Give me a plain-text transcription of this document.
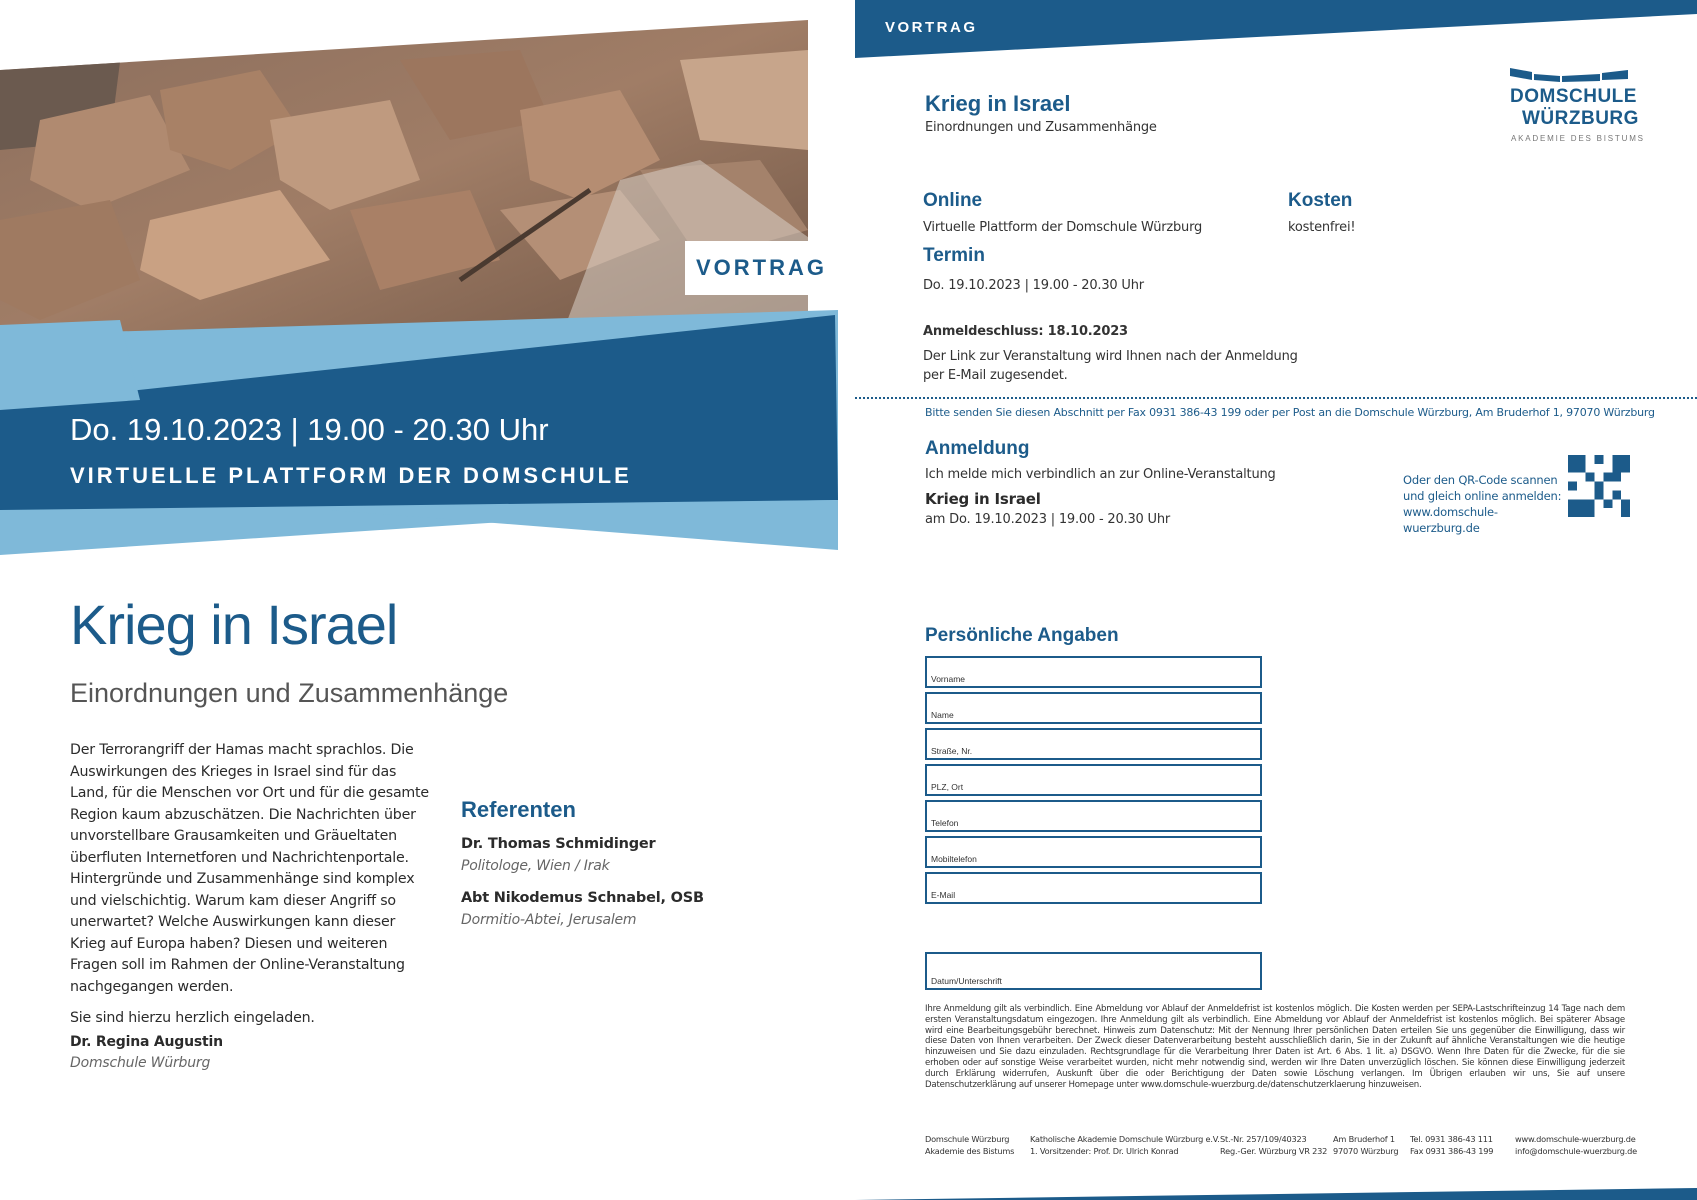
VORTRAG
Do. 19.10.2023 | 19.00 - 20.30 Uhr
VIRTUELLE PLATTFORM DER DOMSCHULE
Krieg in Israel
Einordnungen und Zusammenhänge

Der Terrorangriff der Hamas macht sprachlos. Die Auswirkungen des Krieges in Israel sind für das Land, für die Menschen vor Ort und für die gesamte Region kaum abzuschätzen. Die Nachrichten über unvorstellbare Grausamkeiten und Gräueltaten überfluten Internetforen und Nachrichtenportale. Hintergründe und Zusammenhänge sind komplex und vielschichtig. Warum kam dieser Angriff so unerwartet? Welche Auswirkungen kann dieser Krieg auf Europa haben? Diesen und weiteren Fragen soll im Rahmen der Online-Veranstaltung nachgegangen werden.

Sie sind hierzu herzlich eingeladen.

Dr. Regina Augustin
Domschule Würburg
Referenten
Dr. Thomas Schmidinger
Politologe, Wien / Irak
Abt Nikodemus Schnabel, OSB
Dormitio-Abtei, Jerusalem
VORTRAG
Krieg in Israel
Einordnungen und Zusammenhänge
DOMSCHULE
WÜRZBURG
AKADEMIE DES BISTUMS
Online
Virtuelle Plattform der Domschule Würzburg
Kosten
kostenfrei!
Termin
Do. 19.10.2023 | 19.00 - 20.30 Uhr
Anmeldeschluss: 18.10.2023
Der Link zur Veranstaltung wird Ihnen nach der Anmeldung
per E-Mail zugesendet.
Bitte senden Sie diesen Abschnitt per Fax 0931 386-43 199 oder per Post an die Domschule Würzburg, Am Bruderhof 1, 97070 Würzburg
Anmeldung
Ich melde mich verbindlich an zur Online-Veranstaltung
Krieg in Israel
am Do. 19.10.2023 | 19.00 - 20.30 Uhr
Oder den QR-Code scannen
und gleich online anmelden:
www.domschule-wuerzburg.de
Persönliche Angaben
Vorname
Name
Straße, Nr.
PLZ, Ort
Telefon
Mobiltelefon
E-Mail
Datum/Unterschrift
Ihre Anmeldung gilt als verbindlich. Eine Abmeldung vor Ablauf der Anmeldefrist ist kostenlos möglich. Die Kosten werden per SEPA-Lastschrifteinzug 14 Tage nach dem ersten Veranstaltungsdatum eingezogen. Ihre Anmeldung gilt als verbindlich. Eine Abmeldung vor Ablauf der Anmeldefrist ist kostenlos möglich. Bei späterer Absage wird eine Bearbeitungsgebühr berechnet. Hinweis zum Datenschutz: Mit der Nennung Ihrer persönlichen Daten erteilen Sie uns gegenüber die Einwilligung, dass wir diese Daten von Ihnen verarbeiten. Der Zweck dieser Datenverarbeitung besteht ausschließlich darin, Sie in der Zukunft auf ähnliche Veranstaltungen wie die heutige hinzuweisen und Sie dazu einzuladen. Rechtsgrundlage für die Verarbeitung Ihrer Daten ist Art. 6 Abs. 1 lit. a) DSGVO. Wenn Ihre Daten für die Zwecke, für die sie erhoben oder auf sonstige Weise verarbeitet wurden, nicht mehr notwendig sind, werden wir Ihre Daten unverzüglich löschen. Sie können diese Einwilligung jederzeit durch Erklärung widerrufen, Auskunft über die oder Berichtigung der Daten sowie Löschung verlangen. Im Übrigen erlauben wir uns, Sie auf unsere Datenschutzerklärung auf unserer Homepage unter www.domschule-wuerzburg.de/datenschutzerklaerung hinzuweisen.
Domschule Würzburg
Akademie des Bistums
Katholische Akademie Domschule Würzburg e.V.
1. Vorsitzender: Prof. Dr. Ulrich Konrad
St.-Nr. 257/109/40323
Reg.-Ger. Würzburg VR 232
Am Bruderhof 1
97070 Würzburg
Tel. 0931 386-43 111
Fax 0931 386-43 199
www.domschule-wuerzburg.de
info@domschule-wuerzburg.de
